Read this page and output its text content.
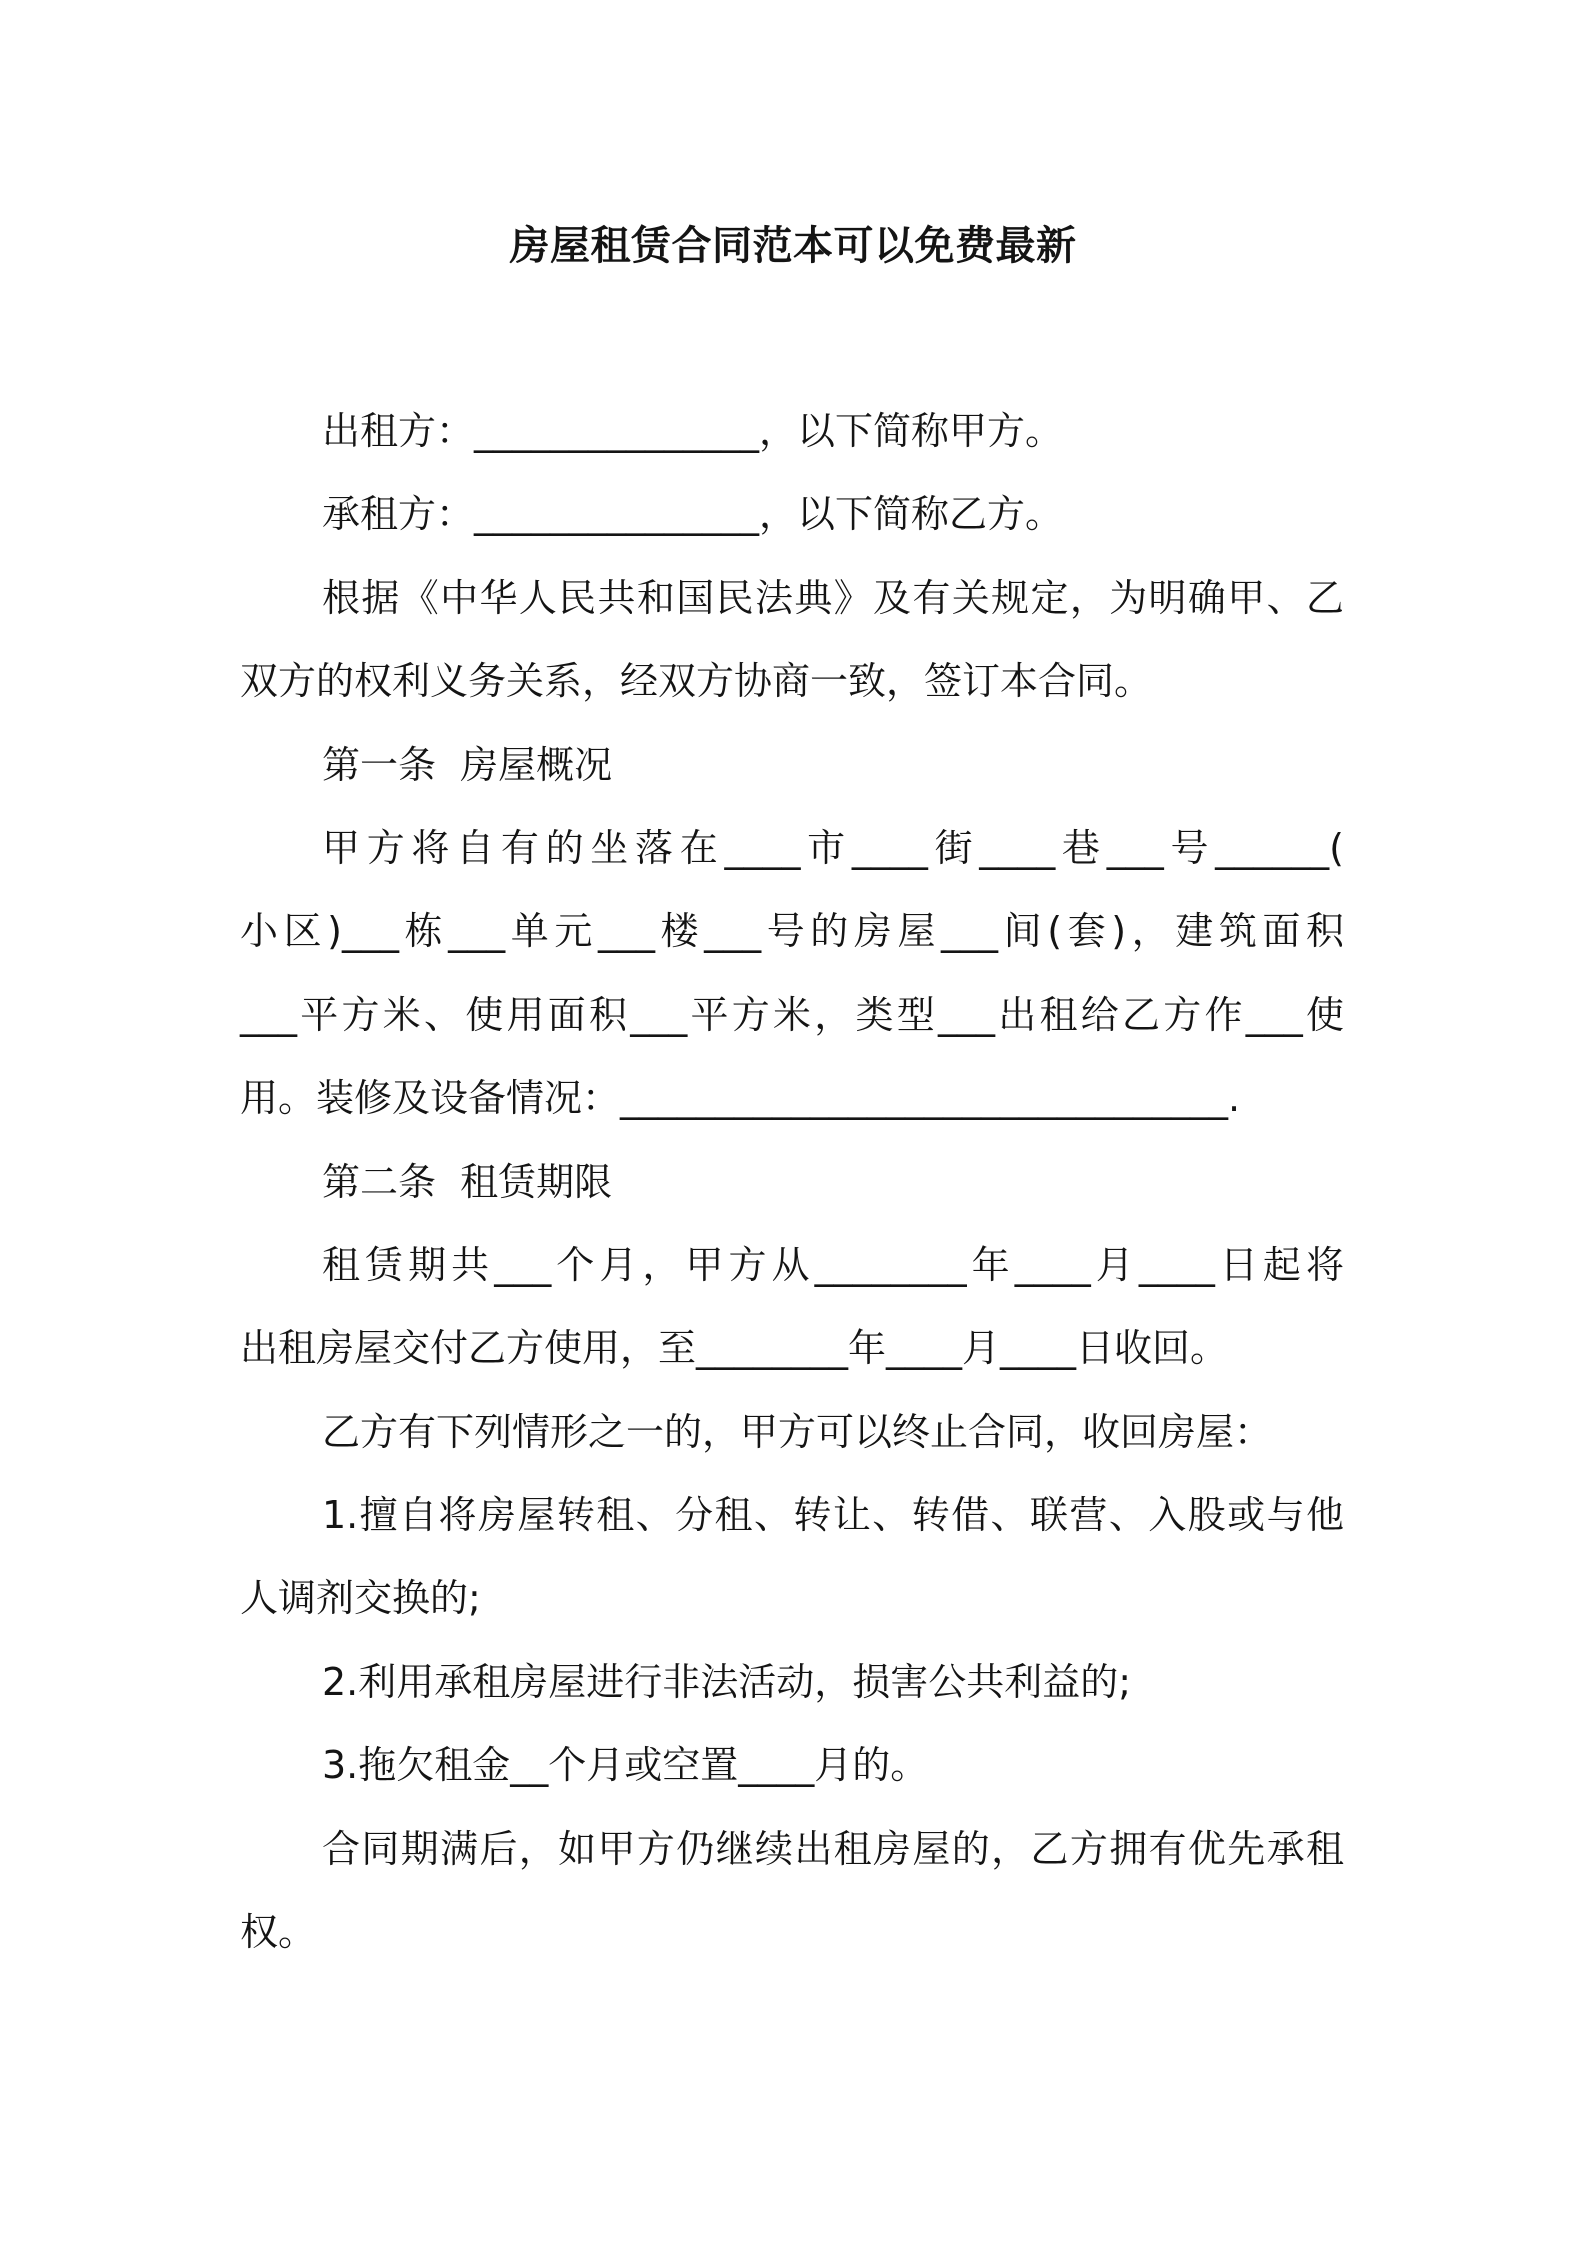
房屋租赁合同范本可以免费最新
出租方：_______________，以下简称甲方。
承租方：_______________，以下简称乙方。
根据《中华人民共和国民法典》及有关规定，为明确甲、乙
双方的权利义务关系，经双方协商一致，签订本合同。
第一条  房屋概况
甲方将自有的坐落在____市____街____巷___号______(
小区)___栋___单元___楼___号的房屋___间(套)，建筑面积
___平方米、使用面积___平方米，类型___出租给乙方作___使
用。装修及设备情况：________________________________.
第二条  租赁期限
租赁期共___个月，甲方从________年____月____日起将
出租房屋交付乙方使用，至________年____月____日收回。
乙方有下列情形之一的，甲方可以终止合同，收回房屋：
1.擅自将房屋转租、分租、转让、转借、联营、入股或与他
人调剂交换的;
2.利用承租房屋进行非法活动，损害公共利益的;
3.拖欠租金__个月或空置____月的。
合同期满后，如甲方仍继续出租房屋的，乙方拥有优先承租
权。
